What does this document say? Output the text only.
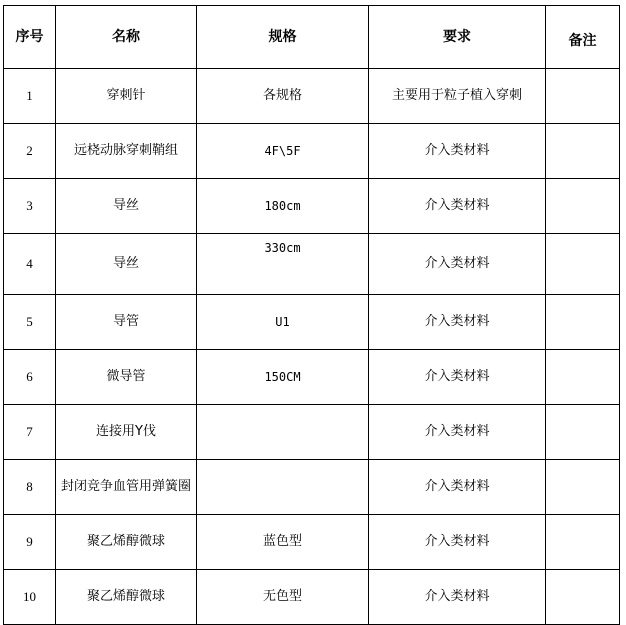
序号	名称	规格	要求	备注
1	穿刺针	各规格	主要用于粒子植入穿刺	
2	远桡动脉穿刺鞘组	4F\5F	介入类材料	
3	导丝	180cm	介入类材料	
4	导丝	330cm	介入类材料	
5	导管	U1	介入类材料	
6	微导管	150CM	介入类材料	
7	连接用Y伐		介入类材料	
8	封闭竞争血管用弹簧圈		介入类材料	
9	聚乙烯醇微球	蓝色型	介入类材料	
10	聚乙烯醇微球	无色型	介入类材料	
